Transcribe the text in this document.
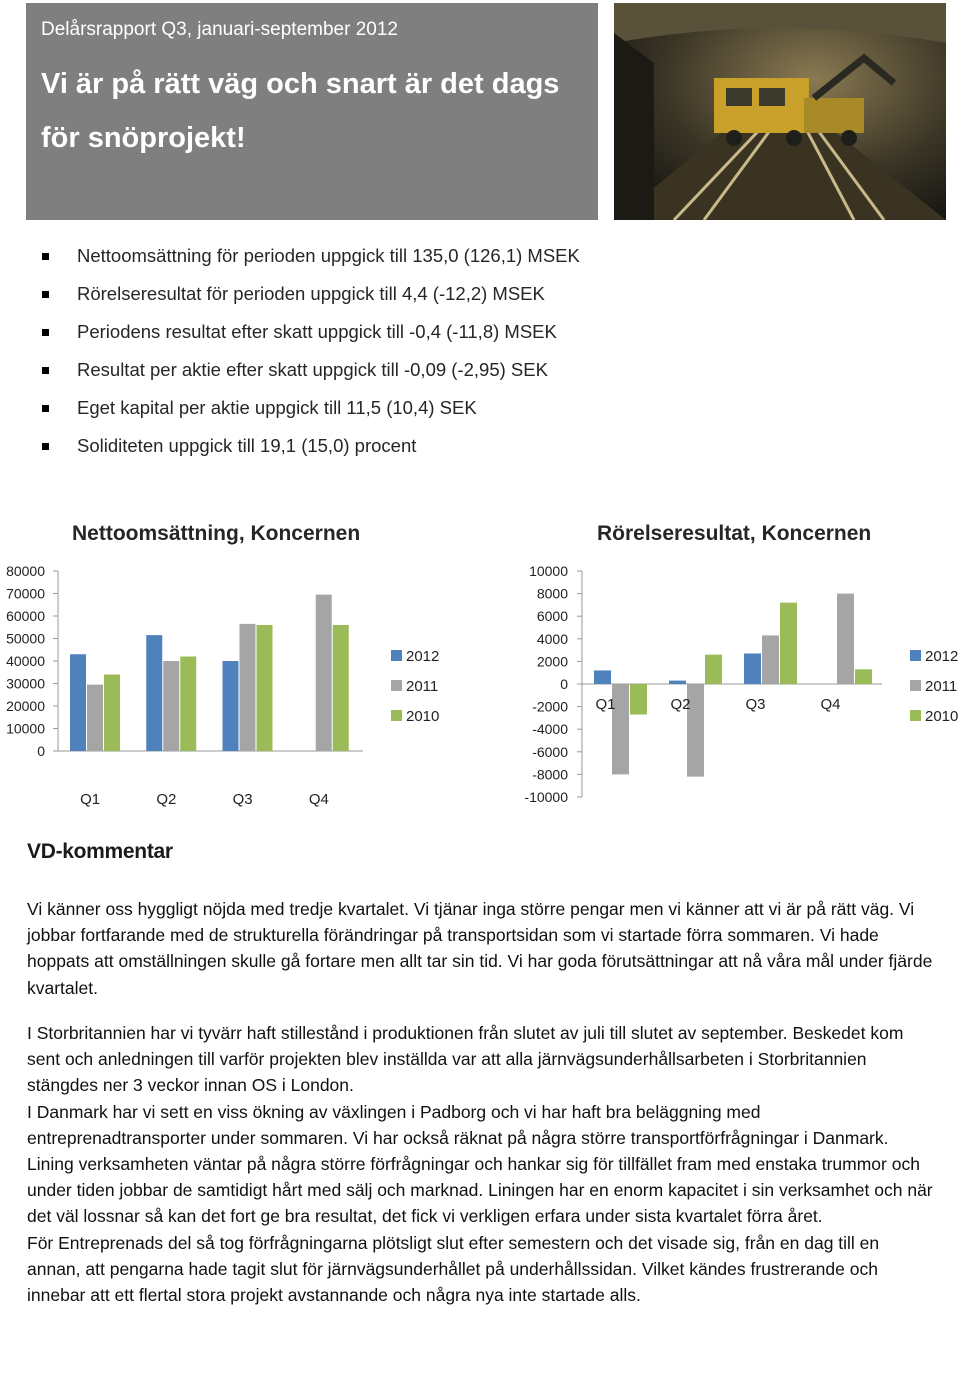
Delårsrapport Q3, januari-september 2012

Vi är på rätt väg och snart är det dags för snöprojekt!
Nettoomsättning för perioden uppgick till 135,0 (126,1) MSEK
Rörelseresultat för perioden uppgick till 4,4 (-12,2) MSEK
Periodens resultat efter skatt uppgick till -0,4 (-11,8) MSEK
Resultat per aktie efter skatt uppgick till -0,09 (-2,95) SEK
Eget kapital per aktie uppgick till 11,5 (10,4) SEK
Soliditeten uppgick till 19,1 (15,0) procent
Nettoomsättning, Koncernen	Rörelseresultat, Koncernen
80000
70000
60000
50000
40000
30000
20000
10000
0
Q1	Q2	Q3	Q4
2012
2011
2010
10000
8000
6000
4000
2000
0
-2000
-4000
-6000
-8000
-10000
Q1	Q2	Q3	Q4
2012
2011
2010
VD-kommentar

Vi känner oss hyggligt nöjda med tredje kvartalet. Vi tjänar inga större pengar men vi känner att vi är på rätt väg. Vi jobbar fortfarande med de strukturella förändringar på transportsidan som vi startade förra sommaren. Vi hade hoppats att omställningen skulle gå fortare men allt tar sin tid. Vi har goda förutsättningar att nå våra mål under fjärde kvartalet.

I Storbritannien har vi tyvärr haft stillestånd i produktionen från slutet av juli till slutet av september. Beskedet kom sent och anledningen till varför projekten blev inställda var att alla järnvägsunderhållsarbeten i Storbritannien stängdes ner 3 veckor innan OS i London.
I Danmark har vi sett en viss ökning av växlingen i Padborg och vi har haft bra beläggning med entreprenadtransporter under sommaren. Vi har också räknat på några större transportförfrågningar i Danmark.
Lining verksamheten väntar på några större förfrågningar och hankar sig för tillfället fram med enstaka trummor och under tiden jobbar de samtidigt hårt med sälj och marknad. Liningen har en enorm kapacitet i sin verksamhet och när det väl lossnar så kan det fort ge bra resultat, det fick vi verkligen erfara under sista kvartalet förra året.
För Entreprenads del så tog förfrågningarna plötsligt slut efter semestern och det visade sig, från en dag till en annan, att pengarna hade tagit slut för järnvägsunderhållet på underhållssidan. Vilket kändes frustrerande och innebar att ett flertal stora projekt avstannande och några nya inte startade alls.
